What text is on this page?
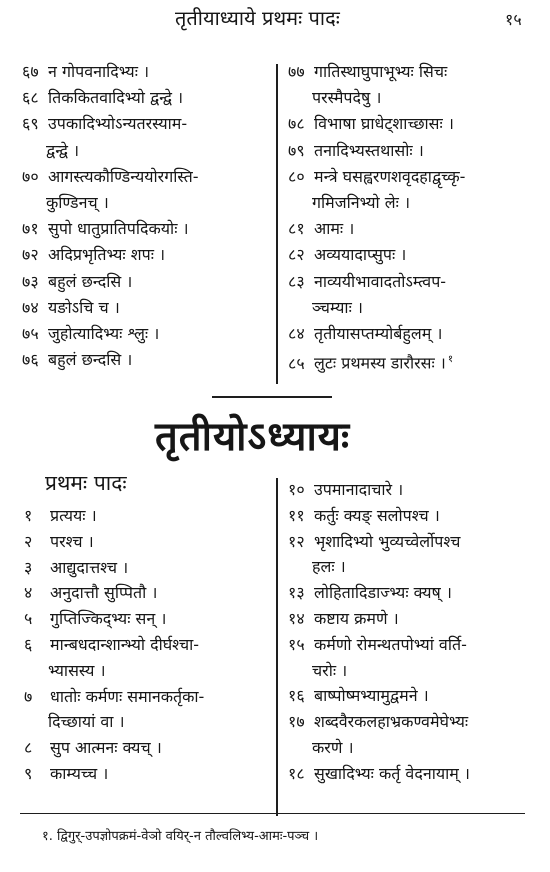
तृतीयाध्याये प्रथमः पादः	१५
६७ न गोपवनादिभ्यः ।
६८ तिककितवादिभ्यो द्वन्द्वे ।
६९ उपकादिभ्योऽन्यतरस्याम-
द्वन्द्वे ।
७० आगस्त्यकौण्डिन्ययोरगस्ति-
कुण्डिनच् ।
७१ सुपो धातुप्रातिपदिकयोः ।
७२ अदिप्रभृतिभ्यः शपः ।
७३ बहुलं छन्दसि ।
७४ यङोऽचि च ।
७५ जुहोत्यादिभ्यः श्लुः ।
७६ बहुलं छन्दसि ।
७७ गातिस्थाघुपाभूभ्यः सिचः
परस्मैपदेषु ।
७८ विभाषा घ्राधेट्शाच्छासः ।
७९ तनादिभ्यस्तथासोः ।
८० मन्त्रे घसह्वरणशवृदहाद्वृच्कृ-
गमिजनिभ्यो लेः ।
८१ आमः ।
८२ अव्ययादाप्सुपः ।
८३ नाव्ययीभावादतोऽम्त्वप-
ञ्चम्याः ।
८४ तृतीयासप्तम्योर्बहुलम् ।
८५ लुटः प्रथमस्य डारौरसः । $^१$
तृतीयोऽध्यायः
प्रथमः पादः
१ प्रत्ययः ।
२ परश्च ।
३ आद्युदात्तश्च ।
४ अनुदात्तौ सुप्पितौ ।
५ गुप्तिज्किद्भ्यः सन् ।
६ मान्बधदान्शान्भ्यो दीर्घश्चा-
भ्यासस्य ।
७ धातोः कर्मणः समानकर्तृका-
दिच्छायां वा ।
८ सुप आत्मनः क्यच् ।
९ काम्यच्च ।
१० उपमानादाचारे ।
११ कर्तुः क्यङ् सलोपश्च ।
१२ भृशादिभ्यो भुव्यच्वेर्लोपश्च
हलः ।
१३ लोहितादिडाज्भ्यः क्यष् ।
१४ कष्टाय क्रमणे ।
१५ कर्मणो रोमन्थतपोभ्यां वर्ति-
चरोः ।
१६ बाष्पोष्मभ्यामुद्वमने ।
१७ शब्दवैरकलहाभ्रकण्वमेघेभ्यः
करणे ।
१८ सुखादिभ्यः कर्तृ वेदनायाम् ।
१. द्विगुर्-उपज्ञोपक्रमं-वेञो वयिर्-न तौल्वलिभ्य-आमः-पञ्च ।
